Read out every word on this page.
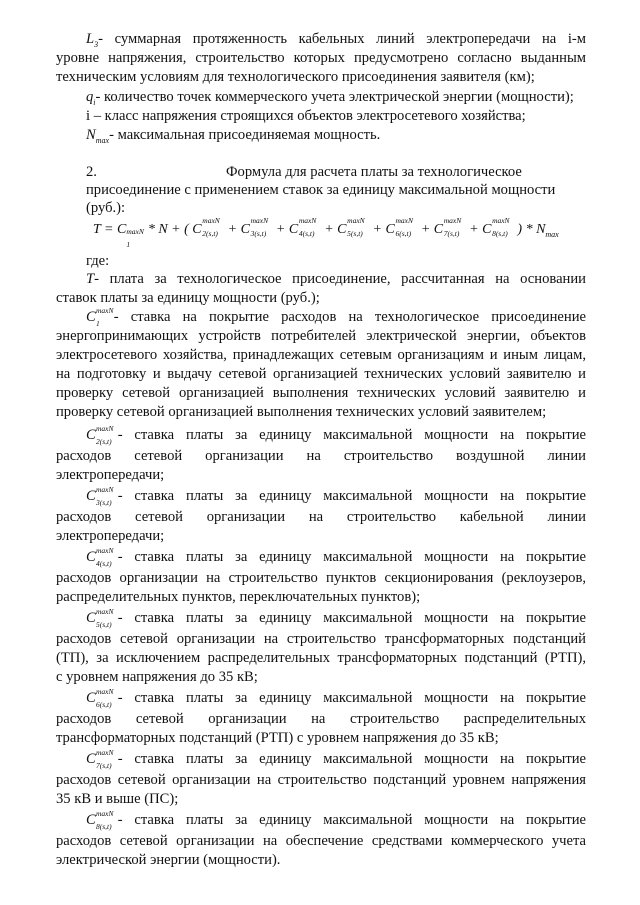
$L_3-$ суммарная протяженность кабельных линий электропередачи на i-м
уровне напряжения, строительство которых предусмотрено согласно выданным
техническим условиям для технологического присоединения заявителя (км);
$q_i-$ количество точек коммерческого учета электрической энергии (мощности);
i – класс напряжения строящихся объектов электросетевого хозяйства;
$N_{max}-$ максимальная присоединяемая мощность.
2.	Формула для расчета платы за технологическое
присоединение с применением ставок за единицу максимальной мощности
(руб.):
T = C maxN
1
* N + ( C
maxN
2(s,t) + C
maxN
3(s,t) + C
maxN
4(s,t) + C
maxN
5(s,t) + C
maxN
6(s,t) + C
maxN
7(s,t) + C
maxN
8(s,t) ) * $N_{max}$
где:
T- плата за технологическое присоединение, рассчитанная на основании
ставок платы за единицу мощности (руб.);
C maxN
1 - ставка на покрытие расходов на технологическое присоединение
энергопринимающих устройств потребителей электрической энергии, объектов
электросетевого хозяйства, принадлежащих сетевым организациям и иным лицам,
на подготовку и выдачу сетевой организацией технических условий заявителю и
проверку сетевой организацией выполнения технических условий заявителю и
проверку сетевой организацией выполнения технических условий заявителем;
C maxN
2(s,t) - ставка платы за единицу максимальной мощности на покрытие
расходов сетевой организации на строительство воздушной линии
электропередачи;
C maxN
3(s,t) - ставка платы за единицу максимальной мощности на покрытие
расходов сетевой организации на строительство кабельной линии
электропередачи;
C maxN
4(s,t) - ставка платы за единицу максимальной мощности на покрытие
расходов организации на строительство пунктов секционирования (реклоузеров,
распределительных пунктов, переключательных пунктов);
C maxN
5(s,t) - ставка платы за единицу максимальной мощности на покрытие
расходов сетевой организации на строительство трансформаторных подстанций
(ТП), за исключением распределительных трансформаторных подстанций (РТП),
с уровнем напряжения до 35 кВ;
C maxN
6(s,t) - ставка платы за единицу максимальной мощности на покрытие
расходов сетевой организации на строительство распределительных
трансформаторных подстанций (РТП) с уровнем напряжения до 35 кВ;
C maxN
7(s,t) - ставка платы за единицу максимальной мощности на покрытие
расходов сетевой организации на строительство подстанций уровнем напряжения
35 кВ и выше (ПС);
C maxN
8(s,t) - ставка платы за единицу максимальной мощности на покрытие
расходов сетевой организации на обеспечение средствами коммерческого учета
электрической энергии (мощности).
